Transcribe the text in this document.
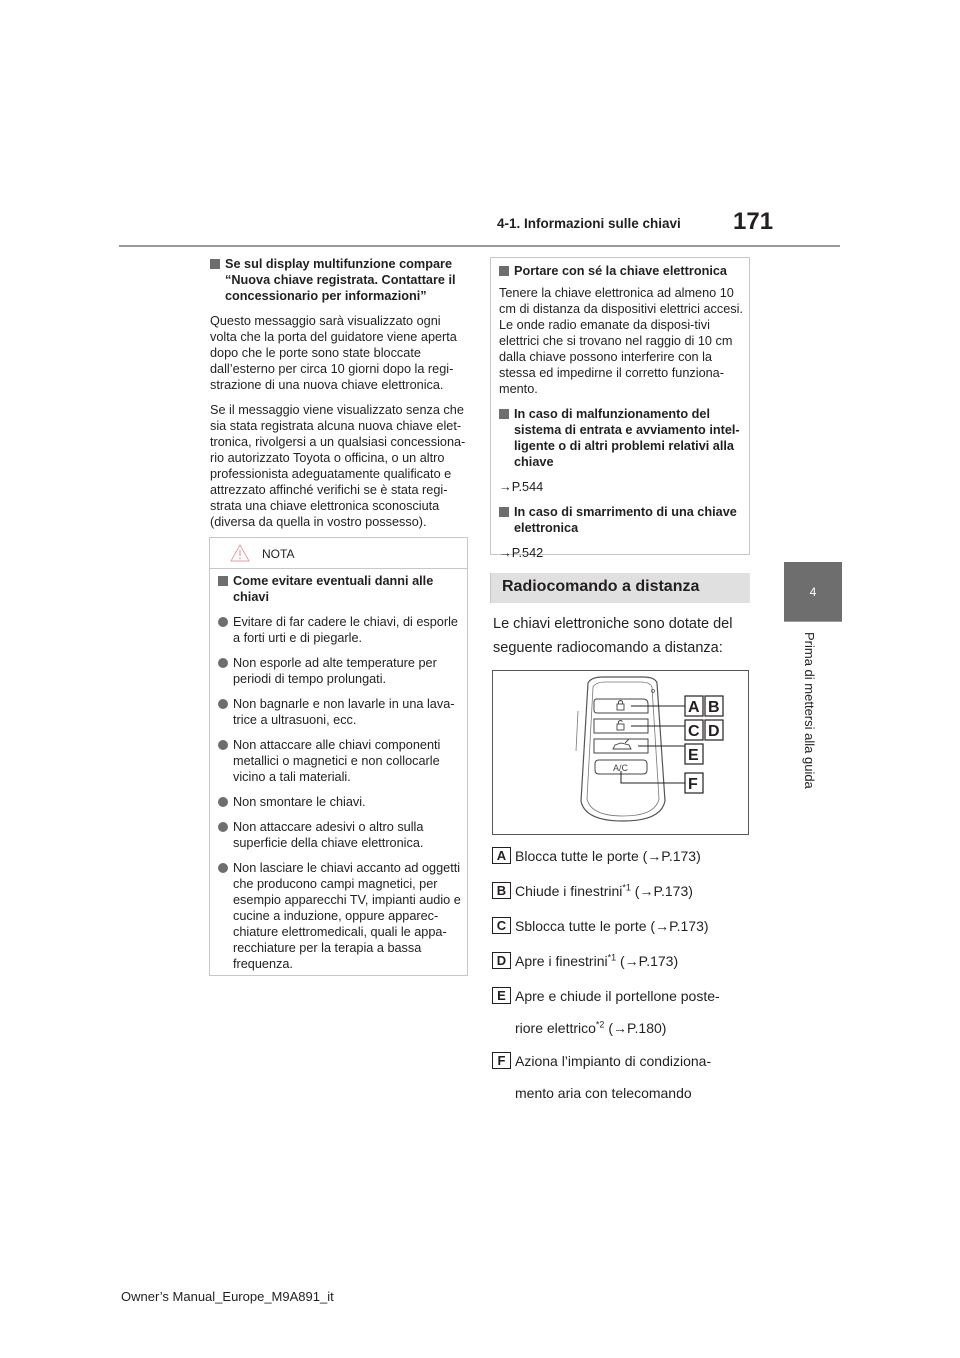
4-1. Informazioni sulle chiavi 171
4
Prima di mettersi alla guida
Se sul display multifunzione compare “Nuova chiave registrata. Contattare il concessionario per informazioni”

Questo messaggio sarà visualizzato ogni volta che la porta del guidatore viene aperta dopo che le porte sono state bloccate dall’esterno per circa 10 giorni dopo la regi-strazione di una nuova chiave elettronica.

Se il messaggio viene visualizzato senza che sia stata registrata alcuna nuova chiave elet-tronica, rivolgersi a un qualsiasi concessiona-rio autorizzato Toyota o officina, o un altro professionista adeguatamente qualificato e attrezzato affinché verifichi se è stata regi-strata una chiave elettronica sconosciuta (diversa da quella in vostro possesso).

NOTA
Come evitare eventuali danni alle chiavi
Evitare di far cadere le chiavi, di esporle a forti urti e di piegarle.
Non esporle ad alte temperature per periodi di tempo prolungati.
Non bagnarle e non lavarle in una lava-trice a ultrasuoni, ecc.
Non attaccare alle chiavi componenti metallici o magnetici e non collocarle vicino a tali materiali.
Non smontare le chiavi.
Non attaccare adesivi o altro sulla superficie della chiave elettronica.
Non lasciare le chiavi accanto ad oggetti che producono campi magnetici, per esempio apparecchi TV, impianti audio e cucine a induzione, oppure apparec-chiature elettromedicali, quali le appa-recchiature per la terapia a bassa frequenza.
Portare con sé la chiave elettronica

Tenere la chiave elettronica ad almeno 10 cm di distanza da dispositivi elettrici accesi. Le onde radio emanate da disposi-tivi elettrici che si trovano nel raggio di 10 cm dalla chiave possono interferire con la stessa ed impedirne il corretto funziona-mento.

In caso di malfunzionamento del sistema di entrata e avviamento intel-ligente o di altri problemi relativi alla chiave

→P.544

In caso di smarrimento di una chiave elettronica

→P.542

Radiocomando a distanza
Le chiavi elettroniche sono dotate del seguente radiocomando a distanza:
A/C
A B
C D
E
F
A Blocca tutte le porte (→P.173)
B Chiude i finestrini$^{*1}$ (→P.173)
C Sblocca tutte le porte (→P.173)
D Apre i finestrini$^{*1}$ (→P.173)
E Apre e chiude il portellone poste-
riore elettrico$^{*2}$ (→P.180)
F Aziona l’impianto di condiziona-
mento aria con telecomando
Owner’s Manual_Europe_M9A891_it
